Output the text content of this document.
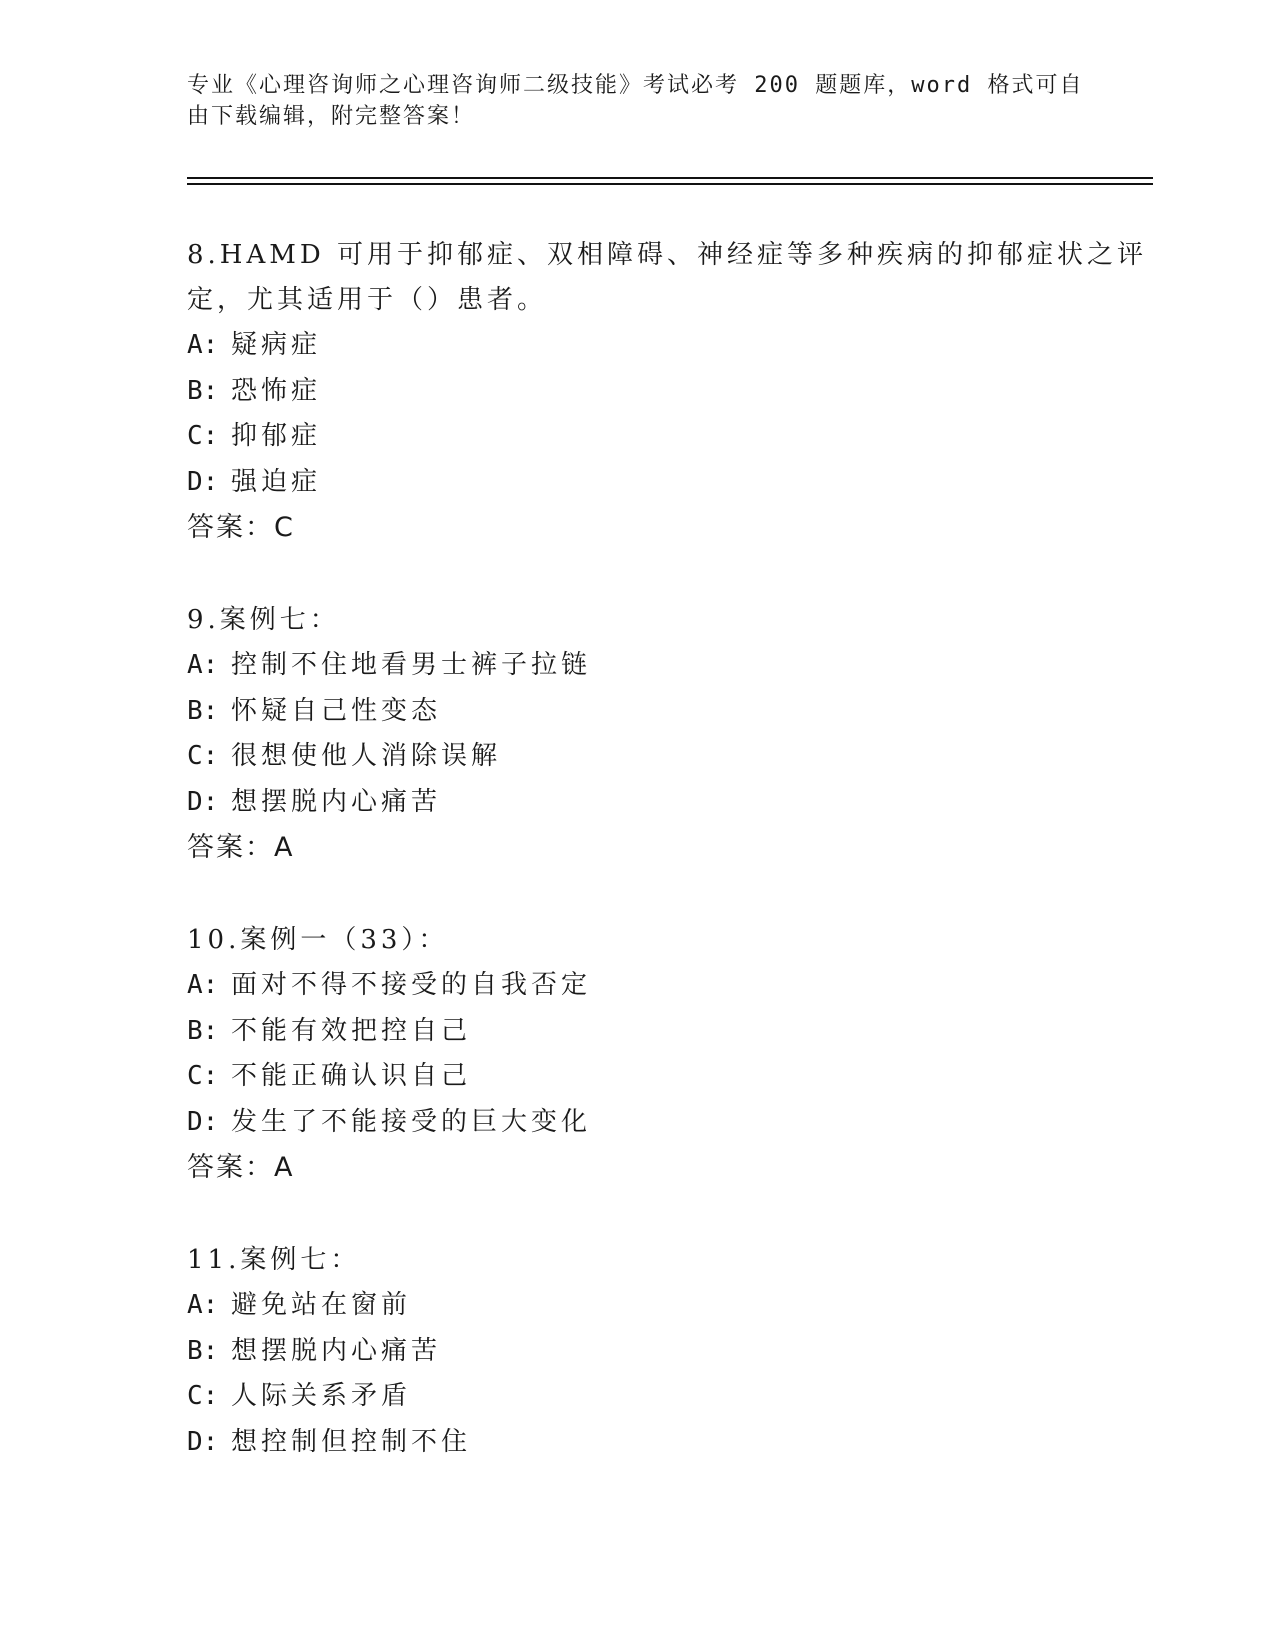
专业《心理咨询师之心理咨询师二级技能》考试必考 200 题题库，word 格式可自
由下载编辑，附完整答案！
8.HAMD 可用于抑郁症、双相障碍、神经症等多种疾病的抑郁症状之评
定，尤其适用于（）患者。
A: 疑病症
B: 恐怖症
C: 抑郁症
D: 强迫症
答案：C
9.案例七：
A: 控制不住地看男士裤子拉链
B: 怀疑自己性变态
C: 很想使他人消除误解
D: 想摆脱内心痛苦
答案：A
10.案例一（33）：
A: 面对不得不接受的自我否定
B: 不能有效把控自己
C: 不能正确认识自己
D: 发生了不能接受的巨大变化
答案：A
11.案例七：
A: 避免站在窗前
B: 想摆脱内心痛苦
C: 人际关系矛盾
D: 想控制但控制不住
